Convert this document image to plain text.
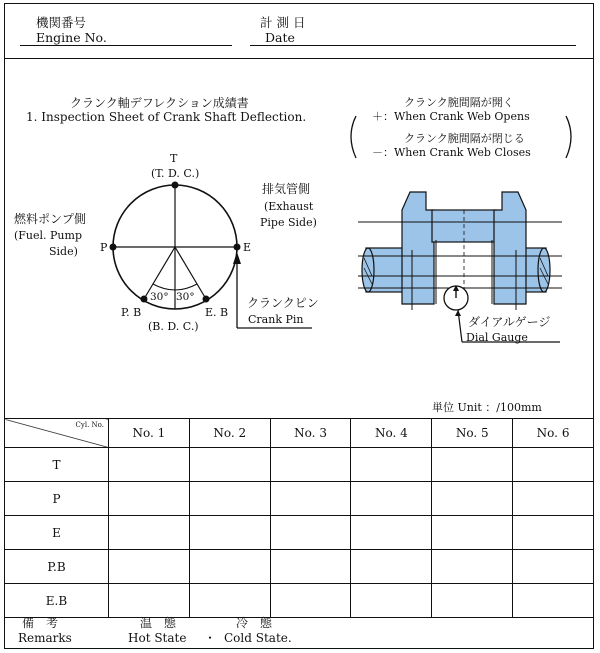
機関番号
Engine No.
計 測 日
Date
クランク軸デフレクション成績書
1. Inspection Sheet of Crank Shaft Deflection.
クランク腕間隔が開く
＋：When Crank Web Opens
クランク腕間隔が閉じる
－：When Crank Web Closes
T
(T. D. C.)
P	E
30° 30°
P. B	E. B
(B. D. C.)
燃料ポンプ側
(Fuel. Pump
Side)
排気管側
(Exhaust
Pipe Side)
クランクピン
Crank Pin	ダイアルゲージ
Dial Gauge
単位 Unit ：/100mm
Cyl. No.	No. 1	No. 2	No. 3	No. 4	No. 5	No. 6
T						
P						
E						
P.B						
E.B						
備　考
Remarks
温　態	冷　態
Hot State ・ Cold State.
